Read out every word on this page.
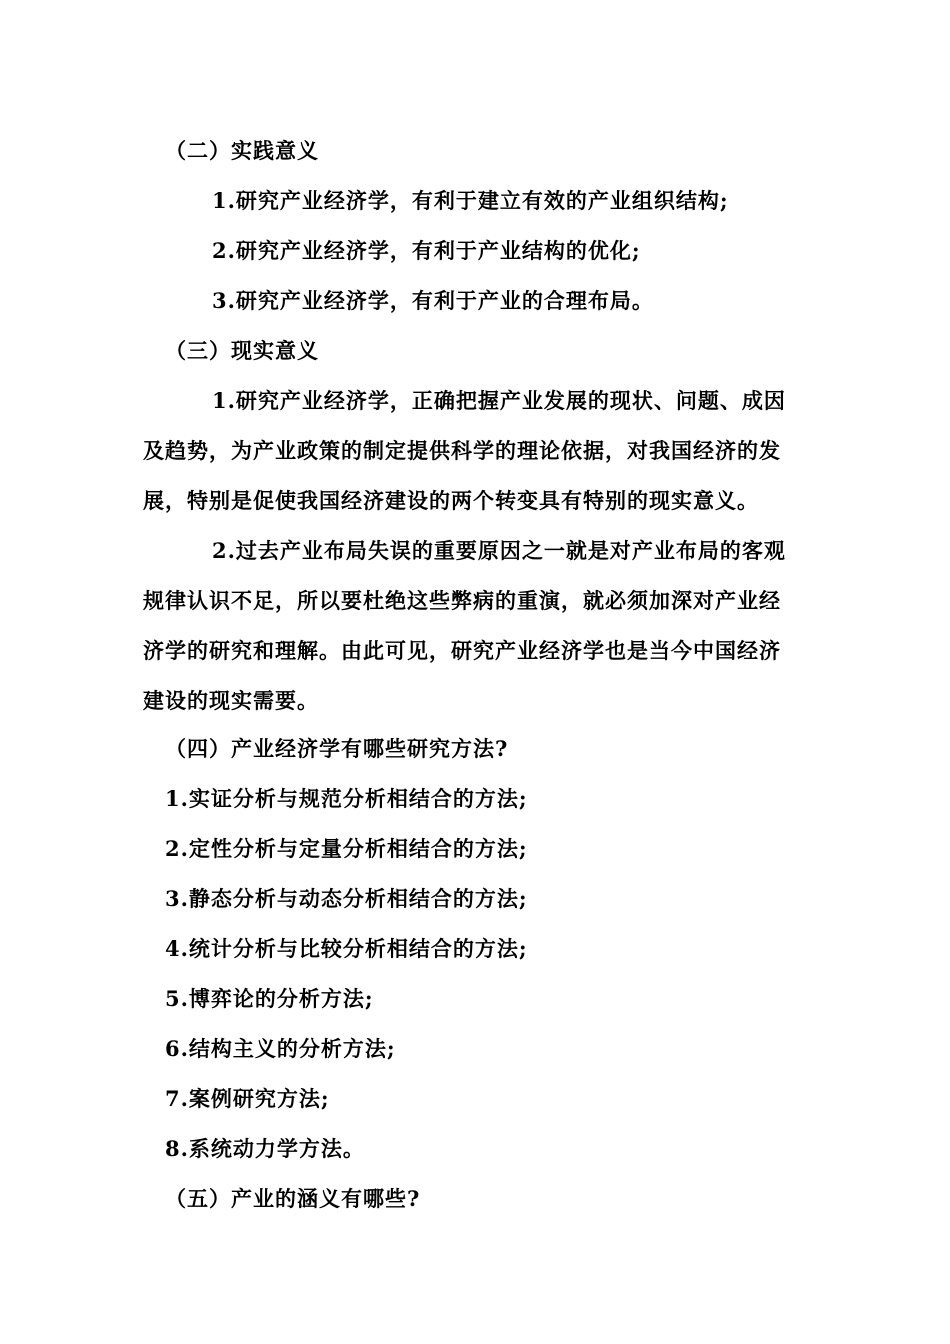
（二）实践意义
1.研究产业经济学，有利于建立有效的产业组织结构;
2.研究产业经济学，有利于产业结构的优化;
3.研究产业经济学，有利于产业的合理布局。
（三）现实意义
1.研究产业经济学，正确把握产业发展的现状、问题、成因
及趋势，为产业政策的制定提供科学的理论依据，对我国经济的发
展，特别是促使我国经济建设的两个转变具有特别的现实意义。
2.过去产业布局失误的重要原因之一就是对产业布局的客观
规律认识不足，所以要杜绝这些弊病的重演，就必须加深对产业经
济学的研究和理解。由此可见，研究产业经济学也是当今中国经济
建设的现实需要。
（四）产业经济学有哪些研究方法?
1.实证分析与规范分析相结合的方法;
2.定性分析与定量分析相结合的方法;
3.静态分析与动态分析相结合的方法;
4.统计分析与比较分析相结合的方法;
5.博弈论的分析方法;
6.结构主义的分析方法;
7.案例研究方法;
8.系统动力学方法。
（五）产业的涵义有哪些?
